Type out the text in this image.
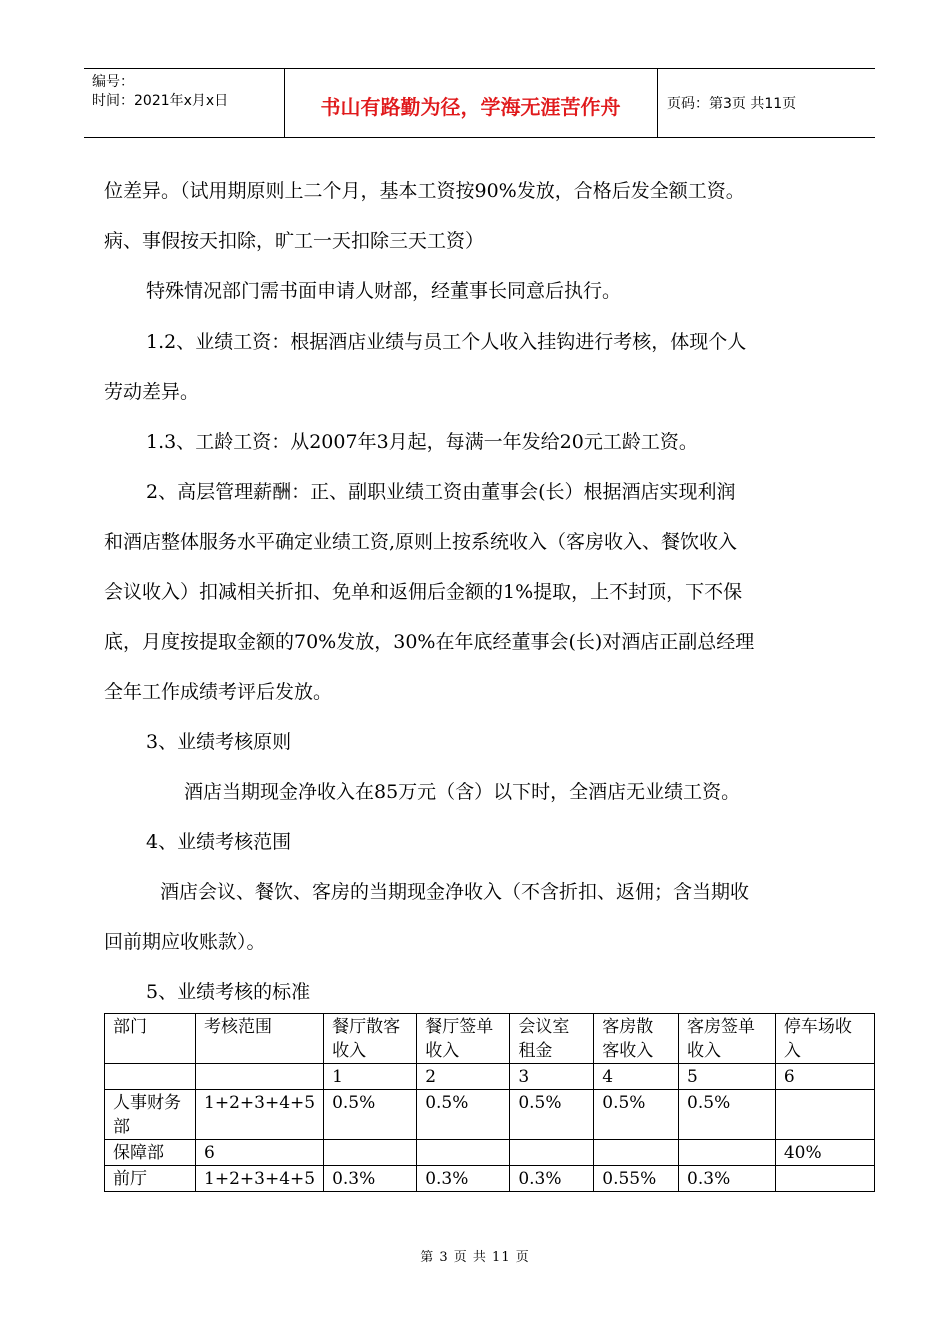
编号：
时间：2021年x月x日	书山有路勤为径，学海无涯苦作舟	页码：第3页 共11页

位差异。（试用期原则上二个月，基本工资按90%发放，合格后发全额工资。

病、事假按天扣除，旷工一天扣除三天工资）

特殊情况部门需书面申请人财部，经董事长同意后执行。

1.2、业绩工资：根据酒店业绩与员工个人收入挂钩进行考核，体现个人

劳动差异。

1.3、工龄工资：从2007年3月起，每满一年发给20元工龄工资。

2、高层管理薪酬：正、副职业绩工资由董事会(长）根据酒店实现利润

和酒店整体服务水平确定业绩工资,原则上按系统收入（客房收入、餐饮收入

会议收入）扣减相关折扣、免单和返佣后金额的1%提取，上不封顶，下不保

底，月度按提取金额的70%发放，30%在年底经董事会(长)对酒店正副总经理

全年工作成绩考评后发放。

3、业绩考核原则

酒店当期现金净收入在85万元（含）以下时，全酒店无业绩工资。

4、业绩考核范围

酒店会议、餐饮、客房的当期现金净收入（不含折扣、返佣；含当期收

回前期应收账款）。

5、业绩考核的标准

部门	考核范围	餐厅散客收入	餐厅签单收入	会议室租金	客房散客收入	客房签单收入	停车场收入
		1	2	3	4	5	6
人事财务部	1+2+3+4+5	0.5%	0.5%	0.5%	0.5%	0.5%	
保障部	6						40%
前厅	1+2+3+4+5	0.3%	0.3%	0.3%	0.55%	0.3%	
第 3 页 共 11 页
